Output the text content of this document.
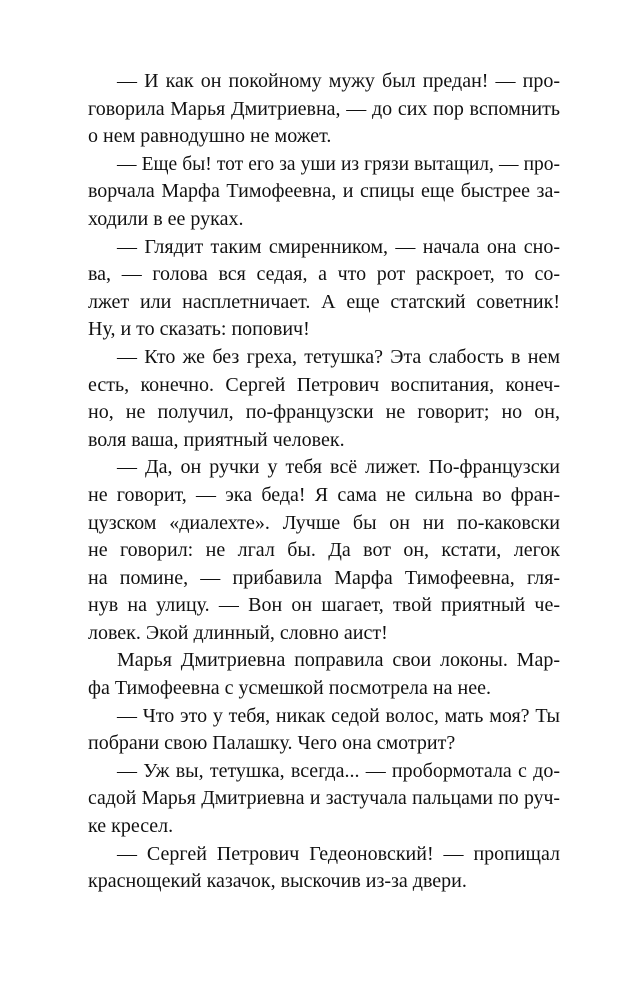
— И как он покойному мужу был предан! — про-
говорила Марья Дмитриевна, — до сих пор вспомнить
о нем равнодушно не может.
— Еще бы! тот его за уши из грязи вытащил, — про-
ворчала Марфа Тимофеевна, и спицы еще быстрее за-
ходили в ее руках.
— Глядит таким смиренником, — начала она сно-
ва, — голова вся седая, а что рот раскроет, то со-
лжет или насплетничает. А еще статский советник!
Ну, и то сказать: попович!
— Кто же без греха, тетушка? Эта слабость в нем
есть, конечно. Сергей Петрович воспитания, конеч-
но, не получил, по-французски не говорит; но он,
воля ваша, приятный человек.
— Да, он ручки у тебя всё лижет. По-французски
не говорит, — эка беда! Я сама не сильна во фран-
цузском «диалехте». Лучше бы он ни по-каковски
не говорил: не лгал бы. Да вот он, кстати, легок
на помине, — прибавила Марфа Тимофеевна, гля-
нув на улицу. — Вон он шагает, твой приятный че-
ловек. Экой длинный, словно аист!
Марья Дмитриевна поправила свои локоны. Мар-
фа Тимофеевна с усмешкой посмотрела на нее.
— Что это у тебя, никак седой волос, мать моя? Ты
побрани свою Палашку. Чего она смотрит?
— Уж вы, тетушка, всегда... — пробормотала с до-
садой Марья Дмитриевна и застучала пальцами по руч-
ке кресел.
— Сергей Петрович Гедеоновский! — пропищал
краснощекий казачок, выскочив из-за двери.
